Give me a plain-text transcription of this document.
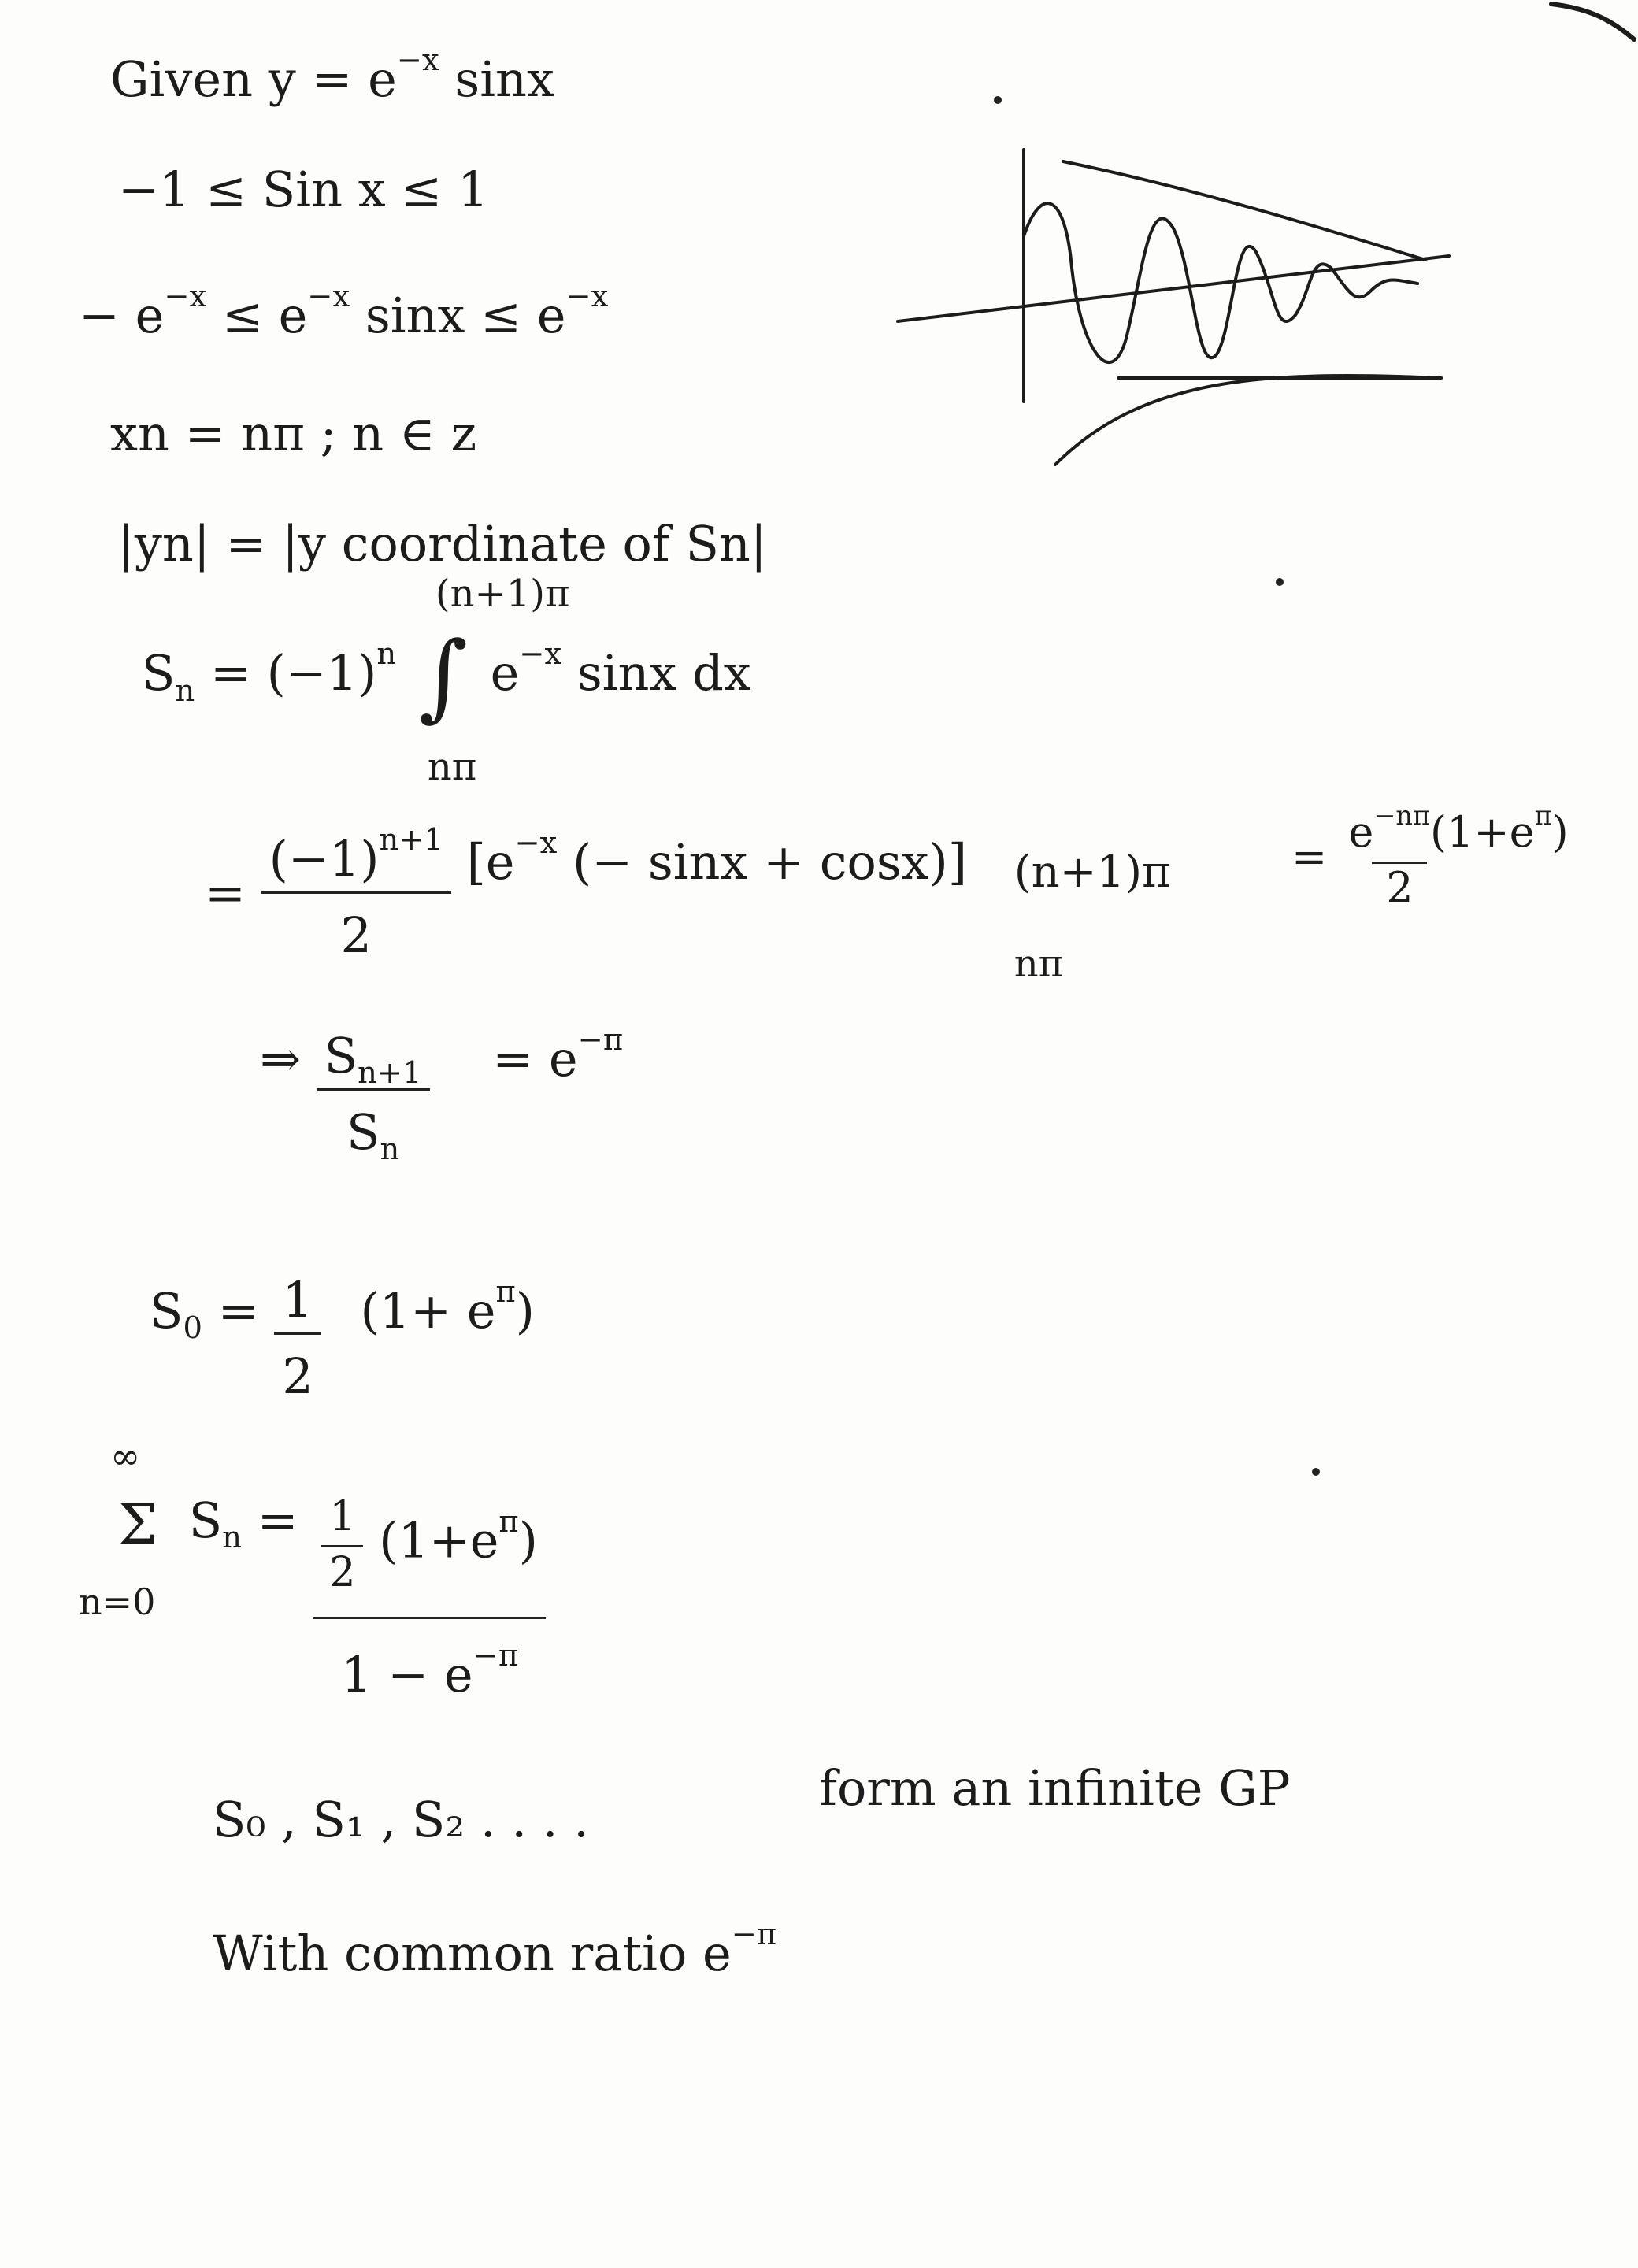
Given $y = e^{-x}$ sinx
−1 ≤ Sin x ≤ 1
− $e^{-x} \le e^{-x}$ $\sin x \le e^{-x}$
xn = nπ ; n ∈ z
|yn| = |y coordinate of Sn|
$S_n = (-1)^n$
(n+1)π
∫
nπ
$e^{-x}$ sinx dx
= $\frac{(-1)^{n+1}}{2} [e^{-x}$ (− sinx + cosx)] (n+1)π
nπ
= $\frac{e^{-n\pi}(1+e^\pi)}{2}$
⇒ $\frac{S_{n+1}}{S_n} = e^{-\pi}$
$S_0 = \frac{1}{2} (1+ e^\pi)$
∞
Σ
n=0
$S_n = \frac{\frac{1}{2} (1+e^\pi)}{1 - e^{-\pi}}$
S₀ , S₁ , S₂ . . . .
form an infinite GP
With common ratio $e^{-\pi}$
